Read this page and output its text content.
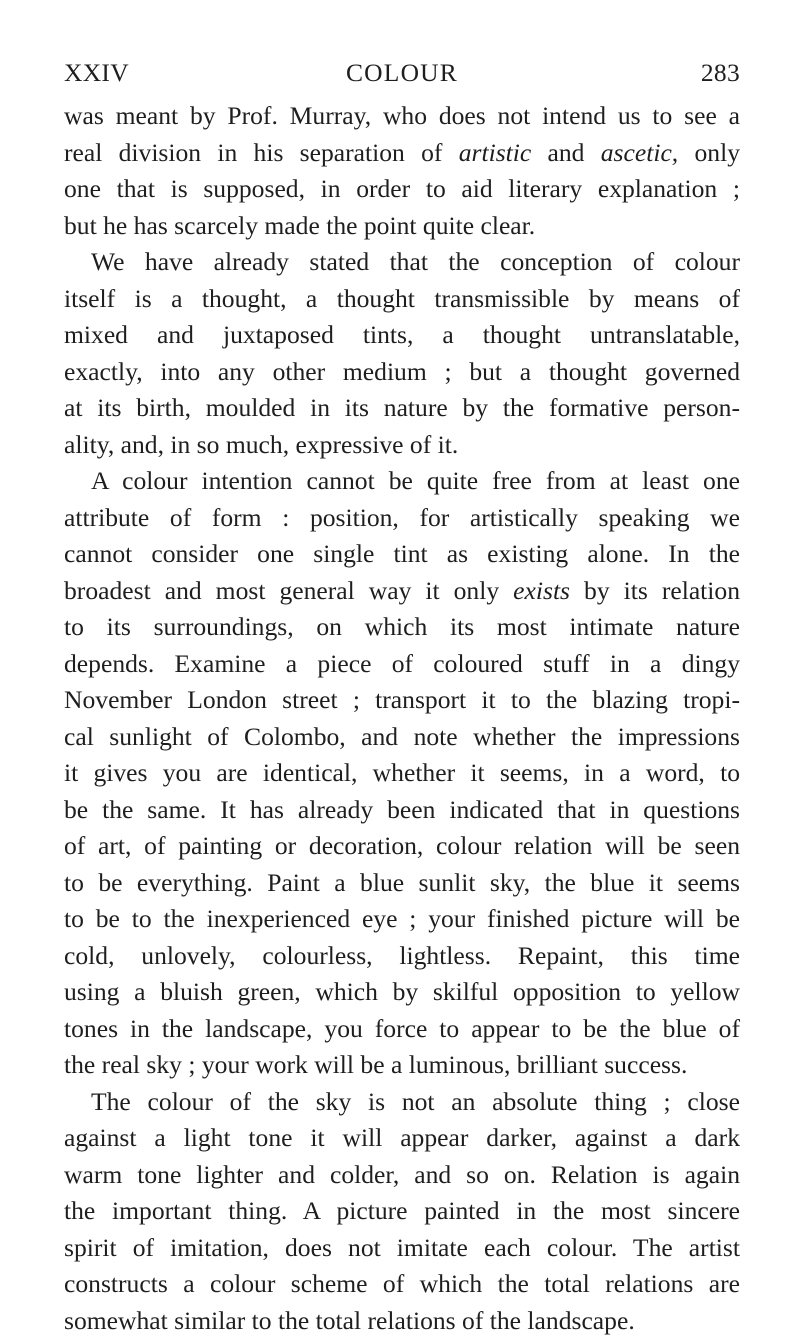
XXIV	COLOUR	283
was meant by Prof. Murray, who does not intend us to see a
real division in his separation of artistic and ascetic, only
one that is supposed, in order to aid literary explanation ;
but he has scarcely made the point quite clear.
We have already stated that the conception of colour
itself is a thought, a thought transmissible by means of
mixed and juxtaposed tints, a thought untranslatable,
exactly, into any other medium ; but a thought governed
at its birth, moulded in its nature by the formative person-
ality, and, in so much, expressive of it.
A colour intention cannot be quite free from at least one
attribute of form : position, for artistically speaking we
cannot consider one single tint as existing alone. In the
broadest and most general way it only exists by its relation
to its surroundings, on which its most intimate nature
depends. Examine a piece of coloured stuff in a dingy
November London street ; transport it to the blazing tropi-
cal sunlight of Colombo, and note whether the impressions
it gives you are identical, whether it seems, in a word, to
be the same. It has already been indicated that in questions
of art, of painting or decoration, colour relation will be seen
to be everything. Paint a blue sunlit sky, the blue it seems
to be to the inexperienced eye ; your finished picture will be
cold, unlovely, colourless, lightless. Repaint, this time
using a bluish green, which by skilful opposition to yellow
tones in the landscape, you force to appear to be the blue of
the real sky ; your work will be a luminous, brilliant success.
The colour of the sky is not an absolute thing ; close
against a light tone it will appear darker, against a dark
warm tone lighter and colder, and so on. Relation is again
the important thing. A picture painted in the most sincere
spirit of imitation, does not imitate each colour. The artist
constructs a colour scheme of which the total relations are
somewhat similar to the total relations of the landscape.
